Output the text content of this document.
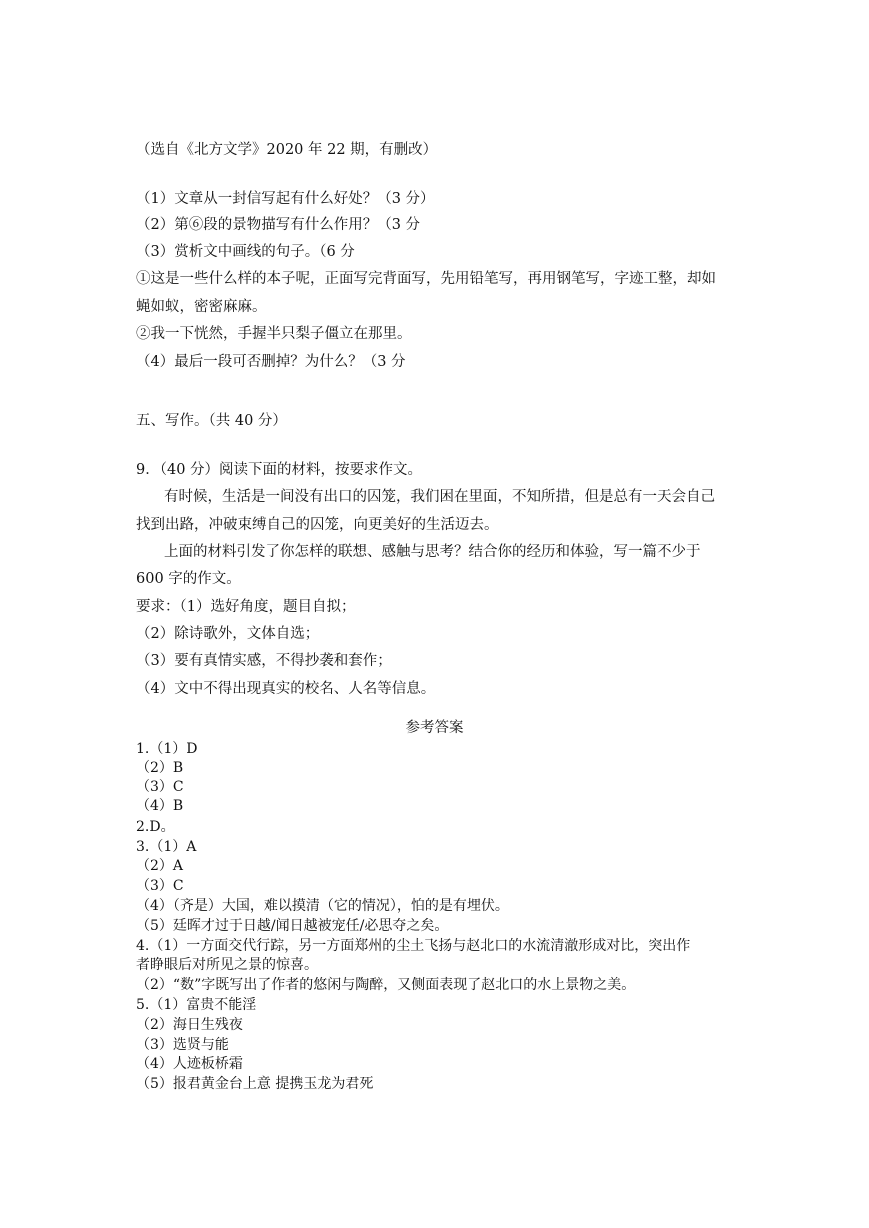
（选自《北方文学》2020 年 22 期，有删改）
（1）文章从一封信写起有什么好处？（3 分）
（2）第⑥段的景物描写有什么作用？（3 分
（3）赏析文中画线的句子。（6 分
①这是一些什么样的本子呢，正面写完背面写，先用铅笔写，再用钢笔写，字迹工整，却如
蝇如蚁，密密麻麻。
②我一下恍然，手握半只梨子僵立在那里。
（4）最后一段可否删掉？为什么？（3 分
五、写作。（共 40 分）
9．（40 分）阅读下面的材料，按要求作文。
有时候，生活是一间没有出口的囚笼，我们困在里面，不知所措，但是总有一天会自己
找到出路，冲破束缚自己的囚笼，向更美好的生活迈去。
上面的材料引发了你怎样的联想、感触与思考？结合你的经历和体验，写一篇不少于
600 字的作文。
要求：（1）选好角度，题目自拟；
（2）除诗歌外，文体自选；
（3）要有真情实感，不得抄袭和套作；
（4）文中不得出现真实的校名、人名等信息。
参考答案
1.（1）D
（2）B
（3）C
（4）B
2.D。
3.（1）A
（2）A
（3）C
（4）（齐是）大国，难以摸清（它的情况），怕的是有埋伏。
（5）廷晖才过于日越/闻日越被宠任/必思夺之矣。
4.（1）一方面交代行踪，另一方面郑州的尘土飞扬与赵北口的水流清澈形成对比，突出作
者睁眼后对所见之景的惊喜。
（2）“数”字既写出了作者的悠闲与陶醉，又侧面表现了赵北口的水上景物之美。
5.（1）富贵不能淫
（2）海日生残夜
（3）选贤与能
（4）人迹板桥霜
（5）报君黄金台上意 提携玉龙为君死
